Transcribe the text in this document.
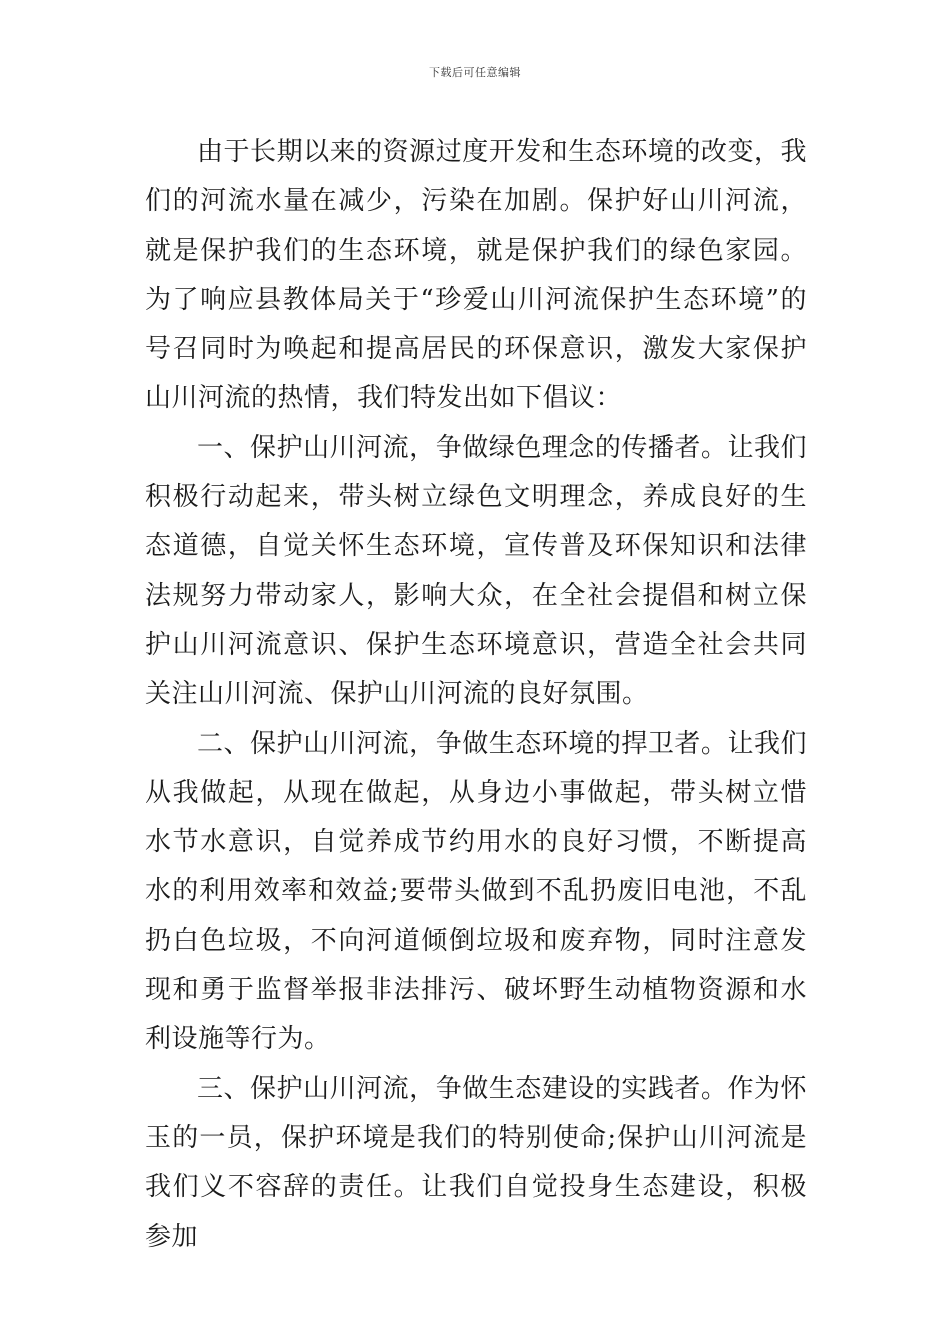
下载后可任意编辑

由于长期以来的资源过度开发和生态环境的改变，我们的河流水量在减少，污染在加剧。保护好山川河流，就是保护我们的生态环境，就是保护我们的绿色家园。为了响应县教体局关于“珍爱山川河流保护生态环境”的号召同时为唤起和提高居民的环保意识，激发大家保护山川河流的热情，我们特发出如下倡议：

一、保护山川河流，争做绿色理念的传播者。让我们积极行动起来，带头树立绿色文明理念，养成良好的生态道德，自觉关怀生态环境，宣传普及环保知识和法律法规努力带动家人，影响大众，在全社会提倡和树立保护山川河流意识、保护生态环境意识，营造全社会共同关注山川河流、保护山川河流的良好氛围。

二、保护山川河流，争做生态环境的捍卫者。让我们从我做起，从现在做起，从身边小事做起，带头树立惜水节水意识，自觉养成节约用水的良好习惯，不断提高水的利用效率和效益;要带头做到不乱扔废旧电池，不乱扔白色垃圾，不向河道倾倒垃圾和废弃物，同时注意发现和勇于监督举报非法排污、破坏野生动植物资源和水利设施等行为。

三、保护山川河流，争做生态建设的实践者。作为怀玉的一员，保护环境是我们的特别使命;保护山川河流是我们义不容辞的责任。让我们自觉投身生态建设，积极参加
